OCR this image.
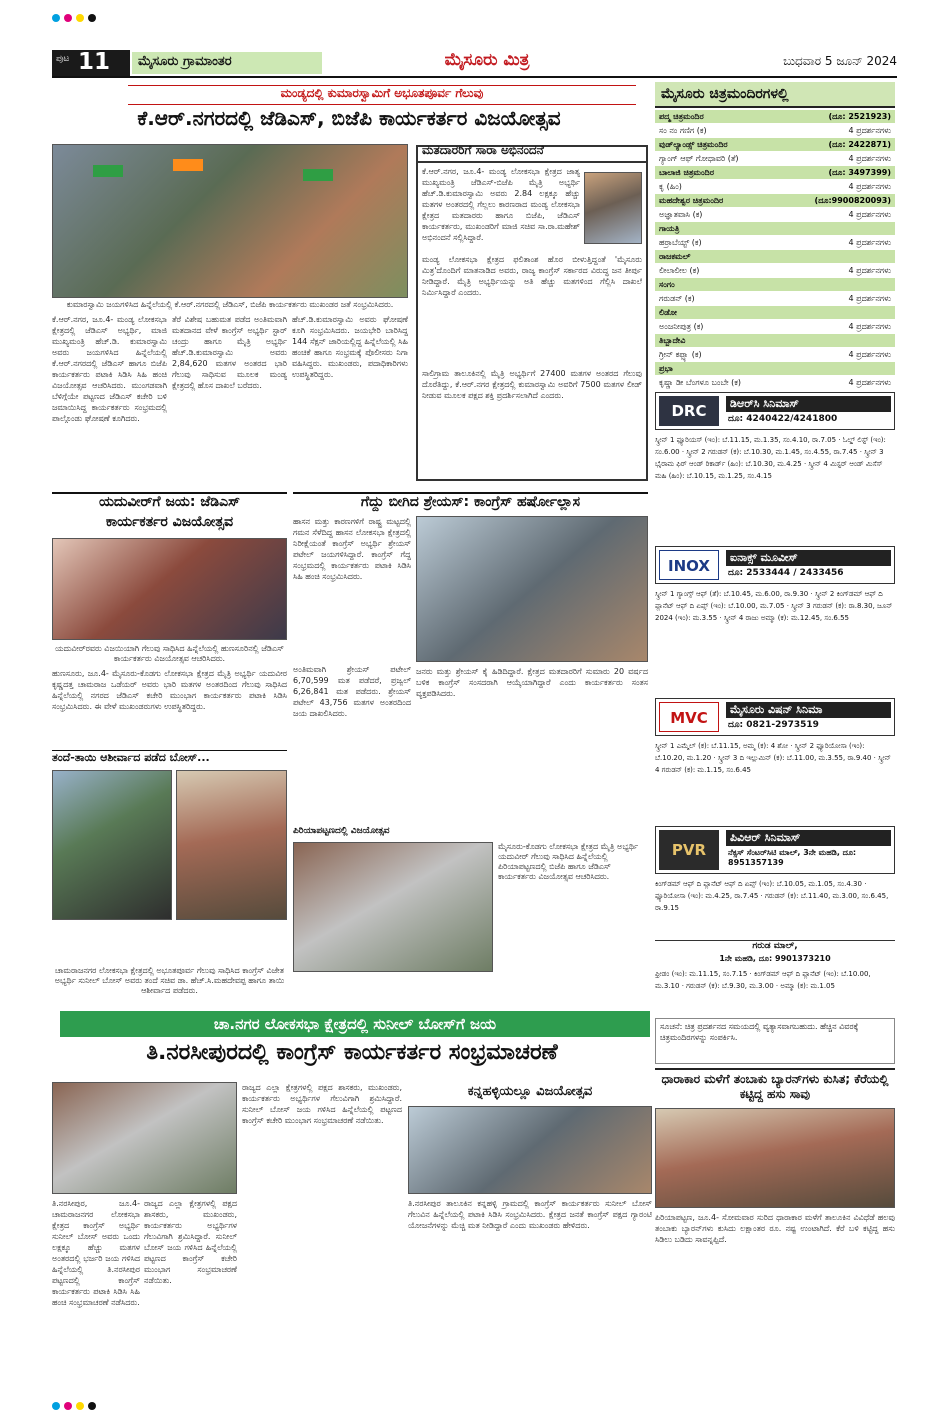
ಪುಟ 11	ಮೈಸೂರು ಗ್ರಾಮಾಂತರ	ಮೈಸೂರು ಮಿತ್ರ	ಬುಧವಾರ 5 ಜೂನ್ 2024
ಮಂಡ್ಯದಲ್ಲಿ ಕುಮಾರಸ್ವಾಮಿಗೆ ಅಭೂತಪೂರ್ವ ಗೆಲುವು
ಕೆ.ಆರ್.ನಗರದಲ್ಲಿ ಜೆಡಿಎಸ್, ಬಿಜೆಪಿ ಕಾರ್ಯಕರ್ತರ ವಿಜಯೋತ್ಸವ
ಕುಮಾರಸ್ವಾಮಿ ಜಯಗಳಿಸಿದ ಹಿನ್ನೆಲೆಯಲ್ಲಿ ಕೆ.ಆರ್.ನಗರದಲ್ಲಿ ಜೆಡಿಎಸ್, ಬಿಜೆಪಿ ಕಾರ್ಯಕರ್ತರು ಮುಖಂಡರ ಜತೆ ಸಂಭ್ರಮಿಸಿದರು.
ಕೆ.ಆರ್.ನಗರ, ಜೂ.4- ಮಂಡ್ಯ ಲೋಕಸಭಾ ಕ್ಷೇತ್ರದಲ್ಲಿ ಜೆಡಿಎಸ್ ಅಭ್ಯರ್ಥಿ, ಮಾಜಿ ಮುಖ್ಯಮಂತ್ರಿ ಹೆಚ್.ಡಿ. ಕುಮಾರಸ್ವಾಮಿ ಅವರು ಜಯಗಳಿಸಿದ ಹಿನ್ನೆಲೆಯಲ್ಲಿ ಕೆ.ಆರ್.ನಗರದಲ್ಲಿ ಜೆಡಿಎಸ್ ಹಾಗೂ ಬಿಜೆಪಿ ಕಾರ್ಯಕರ್ತರು ಪಟಾಕಿ ಸಿಡಿಸಿ ಸಿಹಿ ಹಂಚಿ ವಿಜಯೋತ್ಸವ ಆಚರಿಸಿದರು. ಮುಂಗಡವಾಗಿ ಬೆಳಿಗ್ಗೆಯೇ ಪಟ್ಟಣದ ಜೆಡಿಎಸ್ ಕಚೇರಿ ಬಳಿ ಜಮಾಯಿಸಿದ್ದ ಕಾರ್ಯಕರ್ತರು ಸಂಭ್ರಮದಲ್ಲಿ ಪಾಲ್ಗೊಂಡು ಘೋಷಣೆ ಕೂಗಿದರು.
ತೆರೆ ವಿಶೇಷ ಬಹುಮತ ಪಡೆದ ಅಂತಿಮವಾಗಿ ಮತದಾನದ ವೇಳೆ ಕಾಂಗ್ರೆಸ್ ಅಭ್ಯರ್ಥಿ ಸ್ಟಾರ್ ಚಂದ್ರು ಹಾಗೂ ಮೈತ್ರಿ ಅಭ್ಯರ್ಥಿ ಹೆಚ್.ಡಿ.ಕುಮಾರಸ್ವಾಮಿ ಅವರು 2,84,620 ಮತಗಳ ಅಂತರದ ಭಾರಿ ಗೆಲುವು ಸಾಧಿಸುವ ಮೂಲಕ ಮಂಡ್ಯ ಕ್ಷೇತ್ರದಲ್ಲಿ ಹೊಸ ದಾಖಲೆ ಬರೆದರು.
ಹೆಚ್.ಡಿ.ಕುಮಾರಸ್ವಾಮಿ ಅವರು ಘೋಷಣೆ ಕೂಗಿ ಸಂಭ್ರಮಿಸಿದರು. ಜಯಭೇರಿ ಬಾರಿಸಿದ್ದ 144 ಸೆಕ್ಷನ್ ಜಾರಿಯಲ್ಲಿದ್ದ ಹಿನ್ನೆಲೆಯಲ್ಲಿ ಸಿಹಿ ಹಂಚಿಕೆ ಹಾಗೂ ಸಂಭ್ರಮಕ್ಕೆ ಪೊಲೀಸರು ನಿಗಾ ವಹಿಸಿದ್ದರು. ಮುಖಂಡರು, ಪದಾಧಿಕಾರಿಗಳು ಉಪಸ್ಥಿತರಿದ್ದರು.
ಮತದಾರರಿಗೆ ಸಾರಾ ಅಭಿನಂದನೆ
ಕೆ.ಆರ್.ನಗರ, ಜೂ.4- ಮಂಡ್ಯ ಲೋಕಸಭಾ ಕ್ಷೇತ್ರದ ಜಾತ್ಯ ಮುಖ್ಯಮಂತ್ರಿ ಜೆಡಿಎಸ್-ಬಿಜೆಪಿ ಮೈತ್ರಿ ಅಭ್ಯರ್ಥಿ ಹೆಚ್.ಡಿ.ಕುಮಾರಸ್ವಾಮಿ ಅವರು 2.84 ಲಕ್ಷಕ್ಕೂ ಹೆಚ್ಚು ಮತಗಳ ಅಂತರದಲ್ಲಿ ಗೆಲ್ಲಲು ಕಾರಣರಾದ ಮಂಡ್ಯ ಲೋಕಸಭಾ ಕ್ಷೇತ್ರದ ಮತದಾರರು ಹಾಗೂ ಬಿಜೆಪಿ, ಜೆಡಿಎಸ್ ಕಾರ್ಯಕರ್ತರು, ಮುಖಂಡರಿಗೆ ಮಾಜಿ ಸಚಿವ ಸಾ.ರಾ.ಮಹೇಶ್ ಅಭಿನಂದನೆ ಸಲ್ಲಿಸಿದ್ದಾರೆ.
ಮಂಡ್ಯ ಲೋಕಸಭಾ ಕ್ಷೇತ್ರದ ಫಲಿತಾಂಶ ಹೊರ ಬೀಳುತ್ತಿದ್ದಂತೆ 'ಮೈಸೂರು ಮಿತ್ರ'ದೊಂದಿಗೆ ಮಾತನಾಡಿದ ಅವರು, ರಾಜ್ಯ ಕಾಂಗ್ರೆಸ್ ಸರ್ಕಾರದ ವಿರುದ್ಧ ಜನ ತೀರ್ಪು ನೀಡಿದ್ದಾರೆ. ಮೈತ್ರಿ ಅಭ್ಯರ್ಥಿಯನ್ನು ಅತಿ ಹೆಚ್ಚು ಮತಗಳಿಂದ ಗೆಲ್ಲಿಸಿ ದಾಖಲೆ ನಿರ್ಮಿಸಿದ್ದಾರೆ ಎಂದರು.
ಸಾಲಿಗ್ರಾಮ ತಾಲೂಕಿನಲ್ಲಿ ಮೈತ್ರಿ ಅಭ್ಯರ್ಥಿಗೆ 27400 ಮತಗಳ ಅಂತರದ ಗೆಲುವು ದೊರೆತಿದ್ದು, ಕೆ.ಆರ್.ನಗರ ಕ್ಷೇತ್ರದಲ್ಲಿ ಕುಮಾರಸ್ವಾಮಿ ಅವರಿಗೆ 7500 ಮತಗಳ ಲೀಡ್ ನೀಡುವ ಮೂಲಕ ಪಕ್ಷದ ಶಕ್ತಿ ಪ್ರದರ್ಶಿಸಲಾಗಿದೆ ಎಂದರು.
ಯದುವೀರ್‌ಗೆ ಜಯ: ಜೆಡಿಎಸ್
ಕಾರ್ಯಕರ್ತರ ವಿಜಯೋತ್ಸವ
ಯದುವೀರ್‌ರವರು ವಿಜಯಿಯಾಗಿ ಗೆಲುವು ಸಾಧಿಸಿದ ಹಿನ್ನೆಲೆಯಲ್ಲಿ ಹುಣಸೂರಿನಲ್ಲಿ ಜೆಡಿಎಸ್ ಕಾರ್ಯಕರ್ತರು ವಿಜಯೋತ್ಸವ ಆಚರಿಸಿದರು.
ಹುಣಸೂರು, ಜೂ.4- ಮೈಸೂರು-ಕೊಡಗು ಲೋಕಸಭಾ ಕ್ಷೇತ್ರದ ಮೈತ್ರಿ ಅಭ್ಯರ್ಥಿ ಯದುವೀರ ಕೃಷ್ಣದತ್ತ ಚಾಮರಾಜ ಒಡೆಯರ್ ಅವರು ಭಾರಿ ಮತಗಳ ಅಂತರದಿಂದ ಗೆಲುವು ಸಾಧಿಸಿದ ಹಿನ್ನೆಲೆಯಲ್ಲಿ ನಗರದ ಜೆಡಿಎಸ್ ಕಚೇರಿ ಮುಂಭಾಗ ಕಾರ್ಯಕರ್ತರು ಪಟಾಕಿ ಸಿಡಿಸಿ ಸಂಭ್ರಮಿಸಿದರು. ಈ ವೇಳೆ ಮುಖಂಡರುಗಳು ಉಪಸ್ಥಿತರಿದ್ದರು.
ತಂದೆ-ತಾಯಿ ಆಶೀರ್ವಾದ ಪಡೆದ ಬೋಸ್...
ಚಾಮರಾಜನಗರ ಲೋಕಸಭಾ ಕ್ಷೇತ್ರದಲ್ಲಿ ಅಭೂತಪೂರ್ವ ಗೆಲುವು ಸಾಧಿಸಿದ ಕಾಂಗ್ರೆಸ್ ವಿಜೇತ ಅಭ್ಯರ್ಥಿ ಸುನೀಲ್ ಬೋಸ್ ಅವರು ತಂದೆ ಸಚಿವ ಡಾ. ಹೆಚ್.ಸಿ.ಮಹದೇವಪ್ಪ ಹಾಗೂ ತಾಯಿ ಆಶೀರ್ವಾದ ಪಡೆದರು.
ಗೆದ್ದು ಬೀಗಿದ ಶ್ರೇಯಸ್: ಕಾಂಗ್ರೆಸ್ ಹರ್ಷೋಲ್ಲಾಸ
ಹಾಸನ ಮತ್ತು ಕಾರಣಗಳಿಗೆ ರಾಷ್ಟ್ರ ಮಟ್ಟದಲ್ಲಿ ಗಮನ ಸೆಳೆದಿದ್ದ ಹಾಸನ ಲೋಕಸಭಾ ಕ್ಷೇತ್ರದಲ್ಲಿ ನಿರೀಕ್ಷೆಯಂತೆ ಕಾಂಗ್ರೆಸ್ ಅಭ್ಯರ್ಥಿ ಶ್ರೇಯಸ್ ಪಟೇಲ್ ಜಯಗಳಿಸಿದ್ದಾರೆ. ಕಾಂಗ್ರೆಸ್ ಗೆದ್ದ ಸಂಭ್ರಮದಲ್ಲಿ ಕಾರ್ಯಕರ್ತರು ಪಟಾಕಿ ಸಿಡಿಸಿ ಸಿಹಿ ಹಂಚಿ ಸಂಭ್ರಮಿಸಿದರು.
ಅಂತಿಮವಾಗಿ ಶ್ರೇಯಸ್ ಪಟೇಲ್ 6,70,599 ಮತ ಪಡೆದರೆ, ಪ್ರಜ್ವಲ್ 6,26,841 ಮತ ಪಡೆದರು. ಶ್ರೇಯಸ್ ಪಟೇಲ್ 43,756 ಮತಗಳ ಅಂತರದಿಂದ ಜಯ ದಾಖಲಿಸಿದರು.
ಜನರು ಮತ್ತು ಶ್ರೇಯಸ್ ಕೈ ಹಿಡಿದಿದ್ದಾರೆ. ಕ್ಷೇತ್ರದ ಮತದಾರರಿಗೆ ಸುಮಾರು 20 ವರ್ಷದ ಬಳಿಕ ಕಾಂಗ್ರೆಸ್ ಸಂಸದರಾಗಿ ಆಯ್ಕೆಯಾಗಿದ್ದಾರೆ ಎಂದು ಕಾರ್ಯಕರ್ತರು ಸಂತಸ ವ್ಯಕ್ತಪಡಿಸಿದರು.
ಪಿರಿಯಾಪಟ್ಟಣದಲ್ಲಿ ವಿಜಯೋತ್ಸವ
ಮೈಸೂರು-ಕೊಡಗು ಲೋಕಸಭಾ ಕ್ಷೇತ್ರದ ಮೈತ್ರಿ ಅಭ್ಯರ್ಥಿ ಯದುವೀರ್ ಗೆಲುವು ಸಾಧಿಸಿದ ಹಿನ್ನೆಲೆಯಲ್ಲಿ ಪಿರಿಯಾಪಟ್ಟಣದಲ್ಲಿ ಬಿಜೆಪಿ ಹಾಗೂ ಜೆಡಿಎಸ್ ಕಾರ್ಯಕರ್ತರು ವಿಜಯೋತ್ಸವ ಆಚರಿಸಿದರು.
ಮೈಸೂರು ಚಿತ್ರಮಂದಿರಗಳಲ್ಲಿ
ಪದ್ಮ ಚಿತ್ರಮಂದಿರ	(ದೂ: 2521923)
ಸಂ ನಂ ಗಣಿಗ (ಕ)	4 ಪ್ರದರ್ಶನಗಳು
ವುಡ್‌ಲ್ಯಾಂಡ್ಸ್ ಚಿತ್ರಮಂದಿರ	(ದೂ: 2422871)
ಗ್ಯಾಂಗ್ ಆಫ್ ಗೋಧಾವರಿ (ತೆ)	4 ಪ್ರದರ್ಶನಗಳು
ಬಾಲಾಜಿ ಚಿತ್ರಮಂದಿರ	(ದೂ: 3497399)
ಕೃ (ಹಿಂ)	4 ಪ್ರದರ್ಶನಗಳು
ಮಹದೇಶ್ವರ ಚಿತ್ರಮಂದಿರ	(ದೂ:9900820093)
ಅಜ್ಞಾತವಾಸಿ (ಕ)	4 ಪ್ರದರ್ಶನಗಳು
ಗಾಯತ್ರಿ
ಹರ್ರಾಬೆಯ್ಟ್ (ಕ)	4 ಪ್ರದರ್ಶನಗಳು
ರಾಜಕಮಲ್
ಲೀಲಾಲೀಲ (ಕ)	4 ಪ್ರದರ್ಶನಗಳು
ಸಂಗಂ
ಗರುಡನ್ (ಕ)	4 ಪ್ರದರ್ಶನಗಳು
ಲಿಡೋ
ಅಂಜನೀಪುತ್ರ (ಕ)	4 ಪ್ರದರ್ಶನಗಳು
ತಿಬ್ಬಾದೇವಿ
ಗ್ರೀನ್ ಕಪ್ಪ್ಯಾ (ಕ)	4 ಪ್ರದರ್ಶನಗಳು
ಪ್ರಭಾ
ಕೃಷ್ಣಾ ಡೀ ಬೆಂಗಳೂ ಬಂಬೇ (ಕ)	4 ಪ್ರದರ್ಶನಗಳು
DRC	ಡಿಆರ್‌ಸಿ ಸಿನಿಮಾಸ್
ದೂ: 4240422/4241800
ಸ್ಕ್ರೀನ್ 1 ಫ್ಯೂರಿಯಸ್ (ಇಂ): ಬೆ.11.15, ಮ.1.35, ಸಂ.4.10, ರಾ.7.05 · ಓಲ್ಡ್ ಲಿಸ್ಟ್ (ಇಂ): ಸಂ.6.00 · ಸ್ಕ್ರೀನ್ 2 ಗರುಡನ್ (ಕ): ಬೆ.10.30, ಮ.1.45, ಸಂ.4.55, ರಾ.7.45 · ಸ್ಕ್ರೀನ್ 3 ಭೈರಾಮ ಫಿರ್ ಆಂಡ್ ರಿಕಾರ್ಡ್ (ಹಿಂ): ಬೆ.10.30, ಮ.4.25 · ಸ್ಕ್ರೀನ್ 4 ಮಿಸ್ಟರ್ ಆಂಡ್ ಮಿಸೆಸ್ ಮಹಿ (ಹಿಂ): ಬೆ.10.15, ಮ.1.25, ಸಂ.4.15
INOX	ಐನಾಕ್ಸ್ ಮೂವೀಸ್
ದೂ: 2533444 / 2433456
ಸ್ಕ್ರೀನ್ 1 ಗ್ಯಾಂಗ್ಸ್ ಆಫ್ (ತೆ): ಬೆ.10.45, ಮ.6.00, ರಾ.9.30 · ಸ್ಕ್ರೀನ್ 2 ಕಿಂಗ್‌ಡಮ್ ಆಫ್ ದಿ ಪ್ಲಾನೆಟ್ ಆಫ್ ದಿ ಏಪ್ಸ್ (ಇಂ): ಬೆ.10.00, ಮ.7.05 · ಸ್ಕ್ರೀನ್ 3 ಗರುಡನ್ (ಕ): ರಾ.8.30, ಜೂನ್ 2024 (ಇಂ): ಮ.3.55 · ಸ್ಕ್ರೀನ್ 4 ರಾಜು ಅಮ್ಮಾ (ಕ): ಮ.12.45, ಸಂ.6.55
MVC	ಮೈಸೂರು ವಿಷನ್ ಸಿನಿಮಾ
ದೂ: 0821-2973519
ಸ್ಕ್ರೀನ್ 1 ಎಮ್ಮೆಲ್ (ಕ): ಬೆ.11.15, ಅಮ್ಮ (ಕ): 4 ಶೋ · ಸ್ಕ್ರೀನ್ 2 ಫ್ಯೂರಿಯೋಸಾ (ಇಂ): ಬೆ.10.20, ಮ.1.20 · ಸ್ಕ್ರೀನ್ 3 ದಿ ಇಲ್ಲುಮಿನ್ (ಕ): ಬೆ.11.00, ಮ.3.55, ರಾ.9.40 · ಸ್ಕ್ರೀನ್ 4 ಗರುಡನ್ (ಕ): ಮ.1.15, ಸಂ.6.45
PVR
ಪಿವಿಆರ್ ಸಿನಿಮಾಸ್
ನೆಕ್ಸಸ್ ಸೆಂಟರ್‌ಸಿಟಿ ಮಾಲ್, 3ನೇ ಮಹಡಿ, ದೂ: 8951357139
ಕಿಂಗ್‌ಡಮ್ ಆಫ್ ದಿ ಪ್ಲಾನೆಟ್ ಆಫ್ ದಿ ಏಪ್ಸ್ (ಇಂ): ಬೆ.10.05, ಮ.1.05, ಸಂ.4.30 · ಫ್ಯೂರಿಯೋಸಾ (ಇಂ): ಮ.4.25, ರಾ.7.45 · ಗರುಡನ್ (ಕ): ಬೆ.11.40, ಮ.3.00, ಸಂ.6.45, ರಾ.9.15
ಗರುಡ ಮಾಲ್,
1ನೇ ಮಹಡಿ, ದೂ: 9901373210
ಫ್ರೀಡಂ (ಇಂ): ಮ.11.15, ಸಂ.7.15 · ಕಿಂಗ್‌ಡಮ್ ಆಫ್ ದಿ ಪ್ಲಾನೆಟ್ (ಇಂ): ಬೆ.10.00, ಮ.3.10 · ಗರುಡನ್ (ಕ): ಬೆ.9.30, ಮ.3.00 · ಅಮ್ಮಾ (ಕ): ಮ.1.05
ಚಾ.ನಗರ ಲೋಕಸಭಾ ಕ್ಷೇತ್ರದಲ್ಲಿ ಸುನೀಲ್ ಬೋಸ್‌ಗೆ ಜಯ
ತಿ.ನರಸೀಪುರದಲ್ಲಿ ಕಾಂಗ್ರೆಸ್ ಕಾರ್ಯಕರ್ತರ ಸಂಭ್ರಮಾಚರಣೆ
ತಿ.ನರಸೀಪುರ, ಜೂ.4- ಚಾಮರಾಜನಗರ ಲೋಕಸಭಾ ಕ್ಷೇತ್ರದ ಕಾಂಗ್ರೆಸ್ ಅಭ್ಯರ್ಥಿ ಸುನೀಲ್ ಬೋಸ್ ಅವರು ಒಂದು ಲಕ್ಷಕ್ಕೂ ಹೆಚ್ಚು ಮತಗಳ ಅಂತರದಲ್ಲಿ ಭರ್ಜರಿ ಜಯ ಗಳಿಸಿದ ಹಿನ್ನೆಲೆಯಲ್ಲಿ ತಿ.ನರಸೀಪುರ ಪಟ್ಟಣದಲ್ಲಿ ಕಾಂಗ್ರೆಸ್ ಕಾರ್ಯಕರ್ತರು ಪಟಾಕಿ ಸಿಡಿಸಿ ಸಿಹಿ ಹಂಚಿ ಸಂಭ್ರಮಾಚರಣೆ ನಡೆಸಿದರು.
ರಾಜ್ಯದ ಎಲ್ಲಾ ಕ್ಷೇತ್ರಗಳಲ್ಲಿ ಪಕ್ಷದ ಶಾಸಕರು, ಮುಖಂಡರು, ಕಾರ್ಯಕರ್ತರು ಅಭ್ಯರ್ಥಿಗಳ ಗೆಲುವಿಗಾಗಿ ಶ್ರಮಿಸಿದ್ದಾರೆ. ಸುನೀಲ್ ಬೋಸ್ ಜಯ ಗಳಿಸಿದ ಹಿನ್ನೆಲೆಯಲ್ಲಿ ಪಟ್ಟಣದ ಕಾಂಗ್ರೆಸ್ ಕಚೇರಿ ಮುಂಭಾಗ ಸಂಭ್ರಮಾಚರಣೆ ನಡೆಯಿತು.
ರಾಜ್ಯದ ಎಲ್ಲಾ ಕ್ಷೇತ್ರಗಳಲ್ಲಿ ಪಕ್ಷದ ಶಾಸಕರು, ಮುಖಂಡರು, ಕಾರ್ಯಕರ್ತರು ಅಭ್ಯರ್ಥಿಗಳ ಗೆಲುವಿಗಾಗಿ ಶ್ರಮಿಸಿದ್ದಾರೆ. ಸುನೀಲ್ ಬೋಸ್ ಜಯ ಗಳಿಸಿದ ಹಿನ್ನೆಲೆಯಲ್ಲಿ ಪಟ್ಟಣದ ಕಾಂಗ್ರೆಸ್ ಕಚೇರಿ ಮುಂಭಾಗ ಸಂಭ್ರಮಾಚರಣೆ ನಡೆಯಿತು.
ಕನ್ನಹಳ್ಳಿಯಲ್ಲೂ ವಿಜಯೋತ್ಸವ
ತಿ.ನರಸೀಪುರ ತಾಲೂಕಿನ ಕನ್ನಹಳ್ಳಿ ಗ್ರಾಮದಲ್ಲಿ ಕಾಂಗ್ರೆಸ್ ಕಾರ್ಯಕರ್ತರು ಸುನೀಲ್ ಬೋಸ್ ಗೆಲುವಿನ ಹಿನ್ನೆಲೆಯಲ್ಲಿ ಪಟಾಕಿ ಸಿಡಿಸಿ ಸಂಭ್ರಮಿಸಿದರು. ಕ್ಷೇತ್ರದ ಜನತೆ ಕಾಂಗ್ರೆಸ್ ಪಕ್ಷದ ಗ್ಯಾರಂಟಿ ಯೋಜನೆಗಳನ್ನು ಮೆಚ್ಚಿ ಮತ ನೀಡಿದ್ದಾರೆ ಎಂದು ಮುಖಂಡರು ಹೇಳಿದರು.
ಸೂಚನೆ: ಚಿತ್ರ ಪ್ರದರ್ಶನದ ಸಮಯದಲ್ಲಿ ವ್ಯತ್ಯಾಸವಾಗಬಹುದು. ಹೆಚ್ಚಿನ ವಿವರಕ್ಕೆ ಚಿತ್ರಮಂದಿರಗಳನ್ನು ಸಂಪರ್ಕಿಸಿ.
ಧಾರಾಕಾರ ಮಳೆಗೆ ತಂಬಾಕು ಬ್ಯಾರನ್‌ಗಳು ಕುಸಿತ; ಕೆರೆಯಲ್ಲಿ ಕಟ್ಟಿದ್ದ ಹಸು ಸಾವು
ಪಿರಿಯಾಪಟ್ಟಣ, ಜೂ.4- ಸೋಮವಾರ ಸುರಿದ ಧಾರಾಕಾರ ಮಳೆಗೆ ತಾಲೂಕಿನ ವಿವಿಧೆಡೆ ಹಲವು ತಂಬಾಕು ಬ್ಯಾರನ್‌ಗಳು ಕುಸಿದು ಲಕ್ಷಾಂತರ ರೂ. ನಷ್ಟ ಉಂಟಾಗಿದೆ. ಕೆರೆ ಬಳಿ ಕಟ್ಟಿದ್ದ ಹಸು ಸಿಡಿಲು ಬಡಿದು ಸಾವನ್ನಪ್ಪಿದೆ.
